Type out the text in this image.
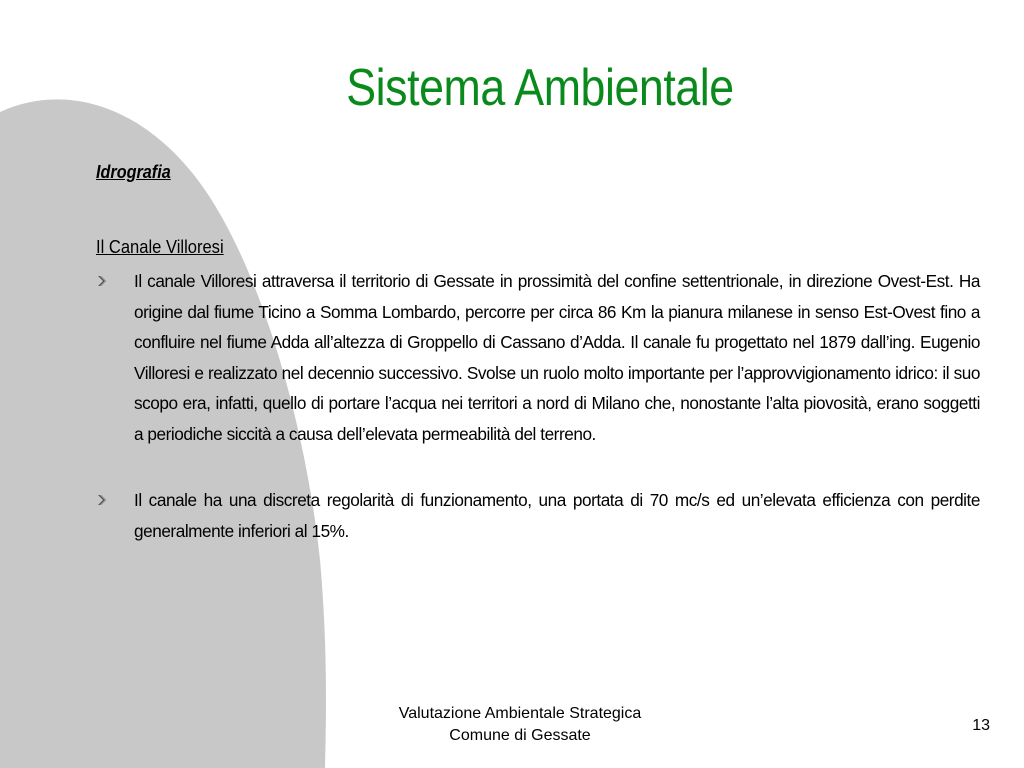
Sistema Ambientale
Idrografia
Il Canale Villoresi
Il canale Villoresi attraversa il territorio di Gessate in prossimità del confine settentrionale, in direzione Ovest-Est. Ha origine dal fiume Ticino a Somma Lombardo, percorre per circa 86 Km la pianura milanese in senso Est-Ovest fino a confluire nel fiume Adda all’altezza di Groppello di Cassano d’Adda. Il canale fu progettato nel 1879 dall’ing. Eugenio Villoresi e realizzato nel decennio successivo. Svolse un ruolo molto importante per l’approvvigionamento idrico: il suo scopo era, infatti, quello di portare l’acqua nei territori a nord di Milano che, nonostante l’alta piovosità, erano soggetti a periodiche siccità a causa dell’elevata permeabilità del terreno.
Il canale ha una discreta regolarità di funzionamento, una portata di 70 mc/s ed un’elevata efficienza con perdite generalmente inferiori al 15%.
Valutazione Ambientale Strategica
Comune di Gessate
13
